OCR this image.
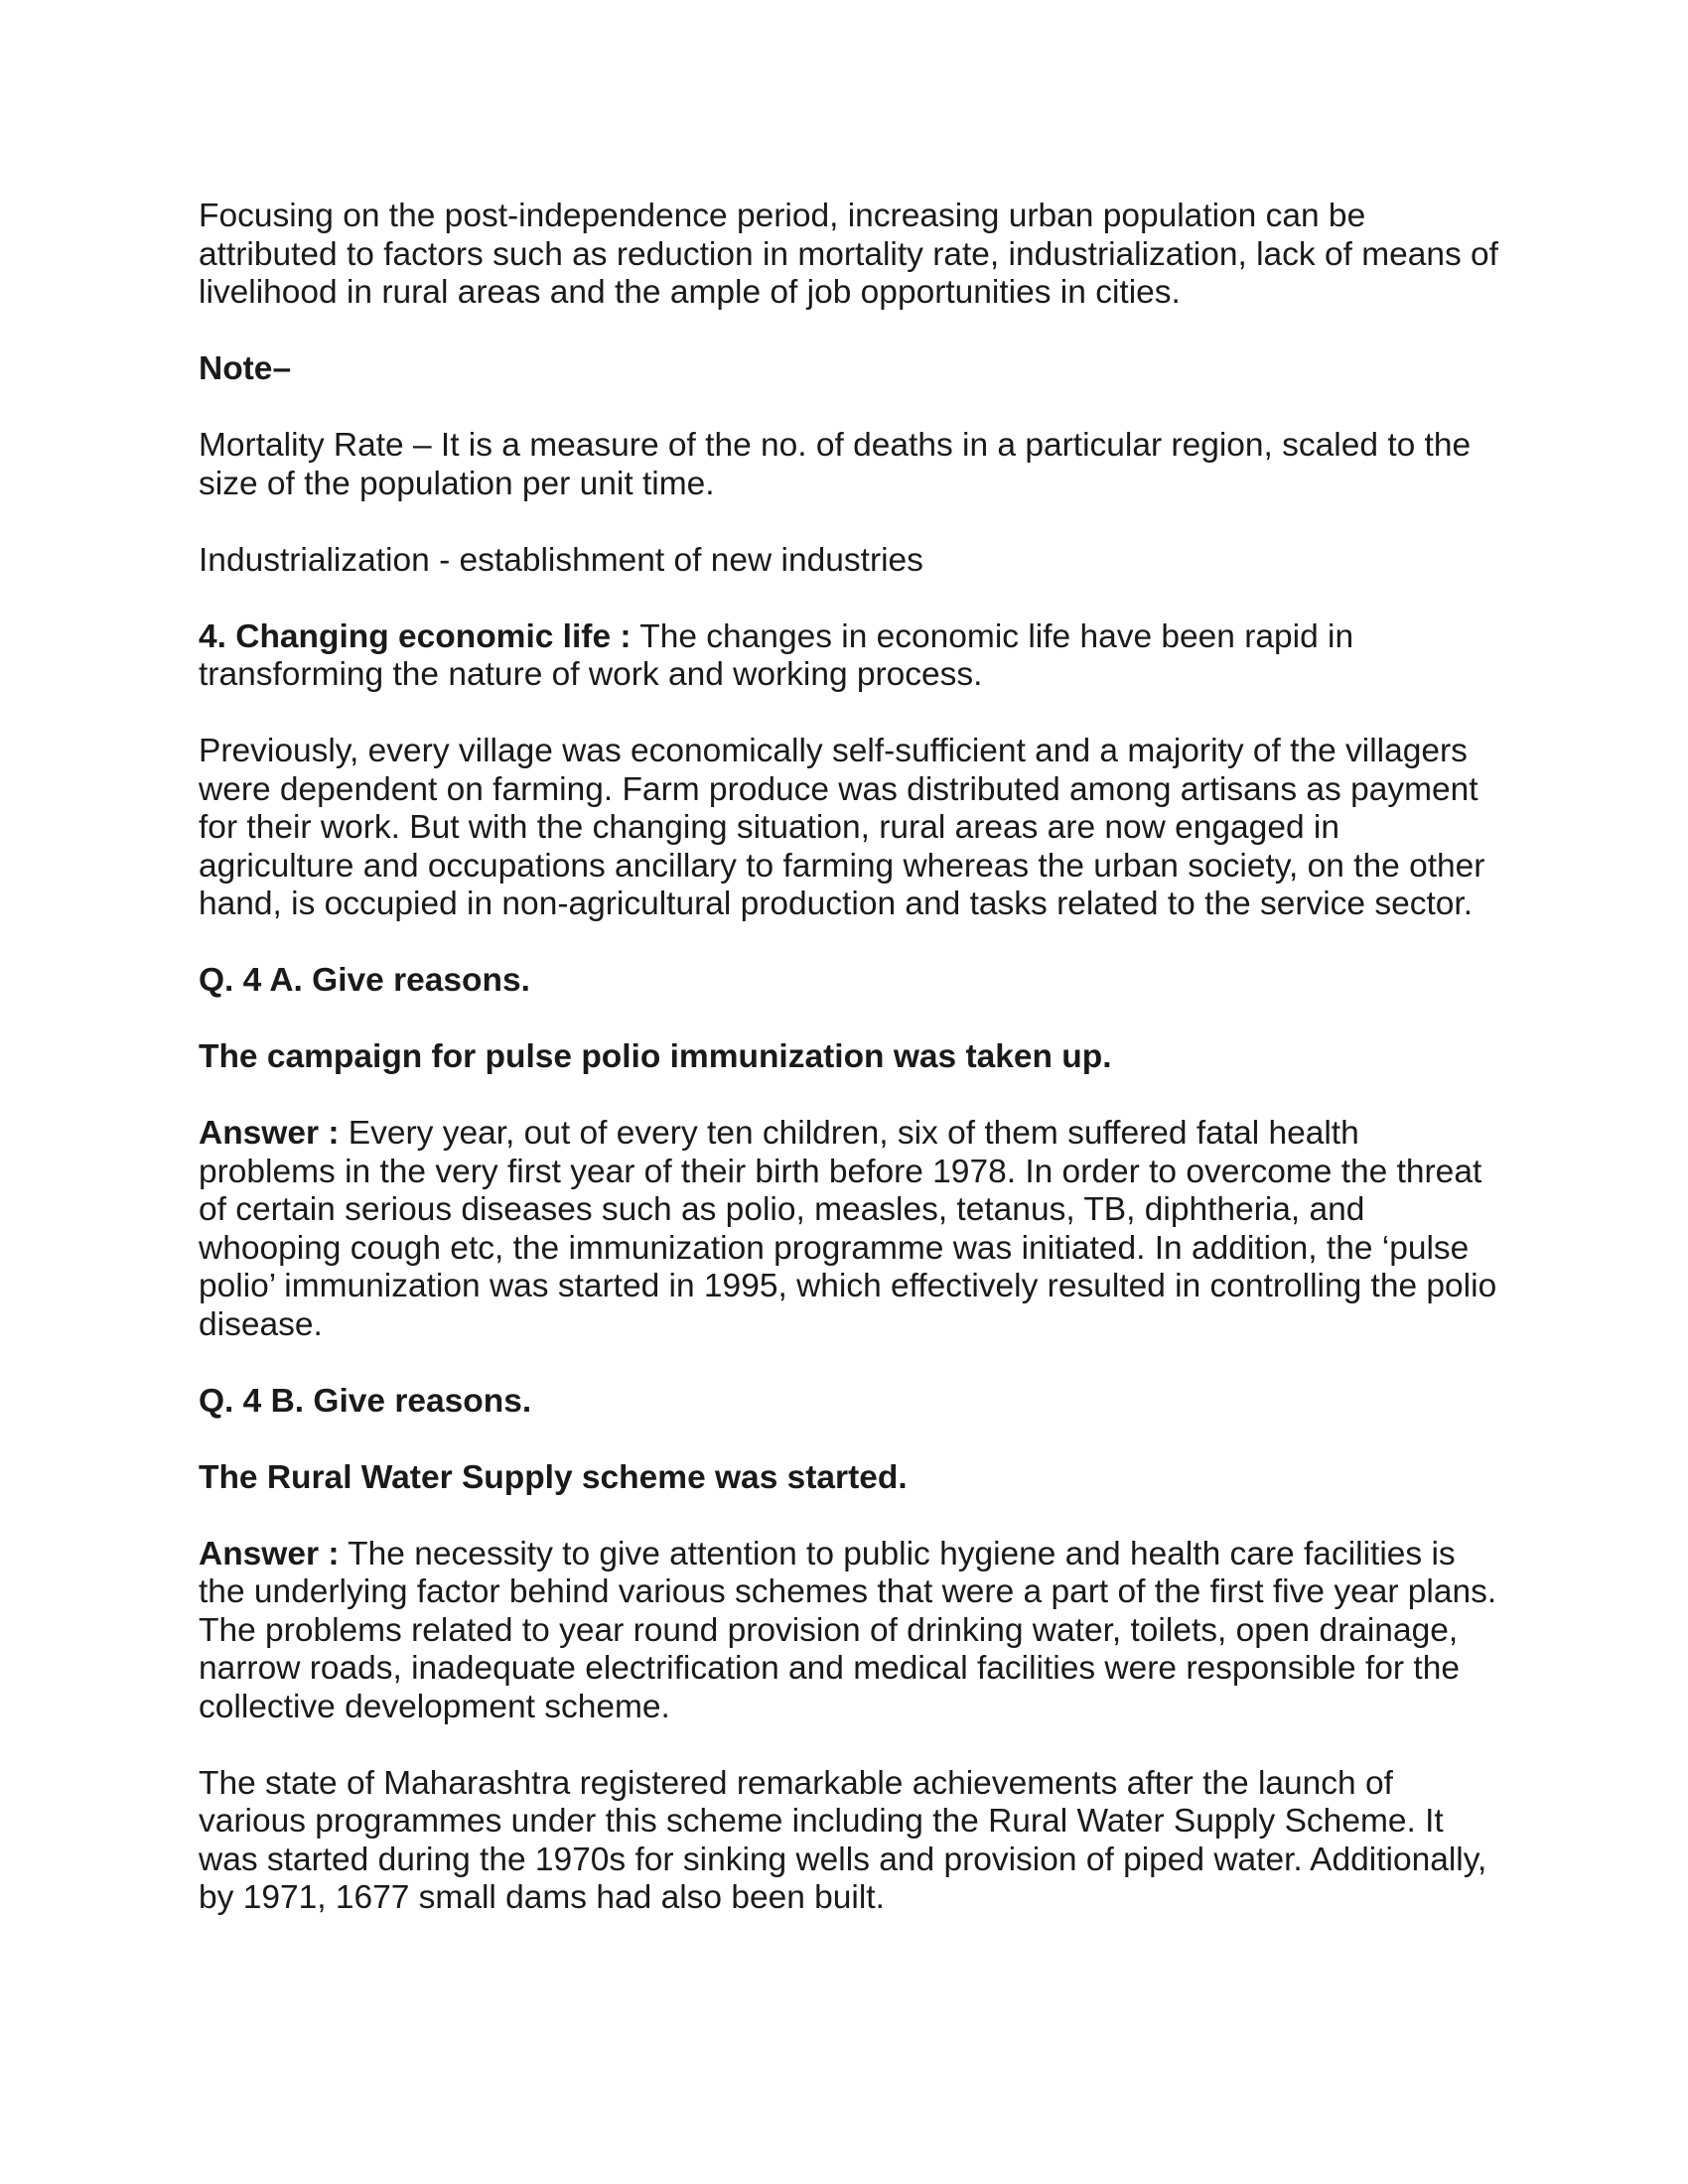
Focusing on the post-independence period, increasing urban population can be attributed to factors such as reduction in mortality rate, industrialization, lack of means of livelihood in rural areas and the ample of job opportunities in cities.

Note–

Mortality Rate – It is a measure of the no. of deaths in a particular region, scaled to the size of the population per unit time.

Industrialization - establishment of new industries

4. Changing economic life : The changes in economic life have been rapid in transforming the nature of work and working process.

Previously, every village was economically self-sufficient and a majority of the villagers were dependent on farming. Farm produce was distributed among artisans as payment for their work. But with the changing situation, rural areas are now engaged in agriculture and occupations ancillary to farming whereas the urban society, on the other hand, is occupied in non-agricultural production and tasks related to the service sector.

Q. 4 A. Give reasons.

The campaign for pulse polio immunization was taken up.

Answer : Every year, out of every ten children, six of them suffered fatal health problems in the very first year of their birth before 1978. In order to overcome the threat of certain serious diseases such as polio, measles, tetanus, TB, diphtheria, and whooping cough etc, the immunization programme was initiated. In addition, the ‘pulse polio’ immunization was started in 1995, which effectively resulted in controlling the polio disease.

Q. 4 B. Give reasons.

The Rural Water Supply scheme was started.

Answer : The necessity to give attention to public hygiene and health care facilities is the underlying factor behind various schemes that were a part of the first five year plans. The problems related to year round provision of drinking water, toilets, open drainage, narrow roads, inadequate electrification and medical facilities were responsible for the collective development scheme.

The state of Maharashtra registered remarkable achievements after the launch of various programmes under this scheme including the Rural Water Supply Scheme. It was started during the 1970s for sinking wells and provision of piped water. Additionally, by 1971, 1677 small dams had also been built.
